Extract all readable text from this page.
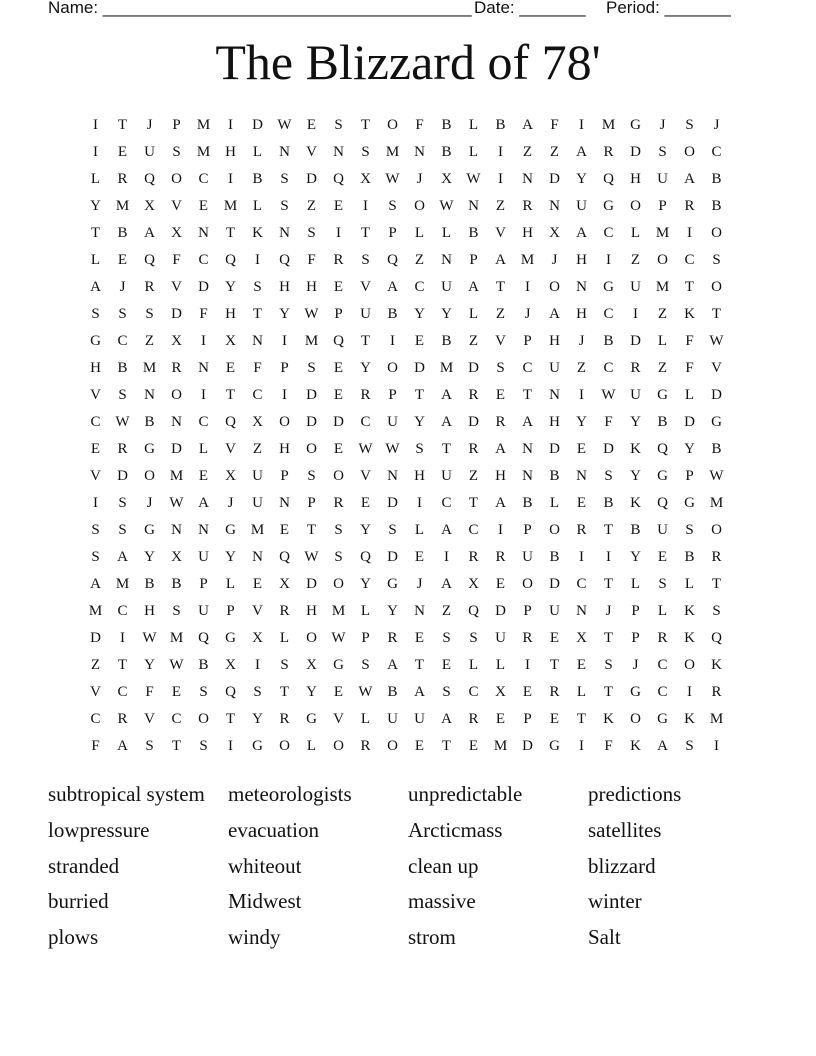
Name: _______________________________________ Date: _______ Period: _______
The Blizzard of 78'
I	T	J	P	M	I	D W	E	S	T	O	F	B	L	B	A	F	I	M G	J	S	J
I	E	U	S	M H	L	N	V	N	S	M N	B	L	I	Z	Z	A	R	D	S	O	C
L	R	Q	O	C	I	B	S	D	Q	X W	J	X W	I	N	D	Y	Q	H	U	A	B
Y M X	V	E	M	L	S	Z	E	I	S	O W N	Z	R	N	U	G	O	P	R	B
T	B	A	X	N	T	K	N	S	I	T	P	L	L	B	V	H	X	A	C	L	M	I	O
L	E	Q	F	C	Q	I	Q	F	R	S	Q	Z	N	P	A M	J	H	I	Z	O	C	S
A	J	R	V	D	Y	S	H	H	E	V	A	C	U	A	T	I	O	N	G	U M	T	O
S	S	S	D	F	H	T	Y W	P	U	B	Y	Y	L	Z	J	A	H	C	I	Z	K	T
G	C	Z	X	I	X	N	I	M Q	T	I	E	B	Z	V	P	H	J	B	D	L	F	W
H	B	M	R	N	E	F	P	S	E	Y	O	D M D	S	C	U	Z	C	R	Z	F	V
V	S	N	O	I	T	C	I	D	E	R	P	T	A	R	E	T	N	I	W U	G	L	D
C W B	N	C	Q	X	O	D	D	C	U	Y	A	D	R	A	H	Y	F	Y	B	D	G
E	R	G	D	L	V	Z	H	O	E	W W	S	T	R	A	N	D	E	D	K	Q	Y	B
V	D	O M	E	X	U	P	S	O	V	N	H	U	Z	H	N	B	N	S	Y	G	P	W
I	S	J	W A	J	U	N	P	R	E	D	I	C	T	A	B	L	E	B	K	Q	G M
S	S	G	N	N	G M	E	T	S	Y	S	L	A	C	I	P	O	R	T	B	U	S	O
S	A	Y	X	U	Y	N	Q W	S	Q	D	E	I	R	R	U	B	I	I	Y	E	B	R
A M	B	B	P	L	E	X	D	O	Y	G	J	A	X	E	O	D	C	T	L	S	L	T
M	C	H	S	U	P	V	R	H M	L	Y	N	Z	Q	D	P	U	N	J	P	L	K	S
D	I	W M Q	G	X	L	O W	P	R	E	S	S	U	R	E	X	T	P	R	K	Q
Z	T	Y W B	X	I	S	X	G	S	A	T	E	L	L	I	T	E	S	J	C	O	K
V	C	F	E	S	Q	S	T	Y	E	W B	A	S	C	X	E	R	L	T	G	C	I	R
C	R	V	C	O	T	Y	R	G	V	L	U	U	A	R	E	P	E	T	K	O	G	K M
F	A	S	T	S	I	G	O	L	O	R	O	E	T	E	M D	G	I	F	K	A	S	I
subtropical system	meteorologists	unpredictable	predictions
lowpressure	evacuation	Arcticmass	satellites
stranded	whiteout	clean up	blizzard
burried	Midwest	massive	winter
plows	windy	strom	Salt
